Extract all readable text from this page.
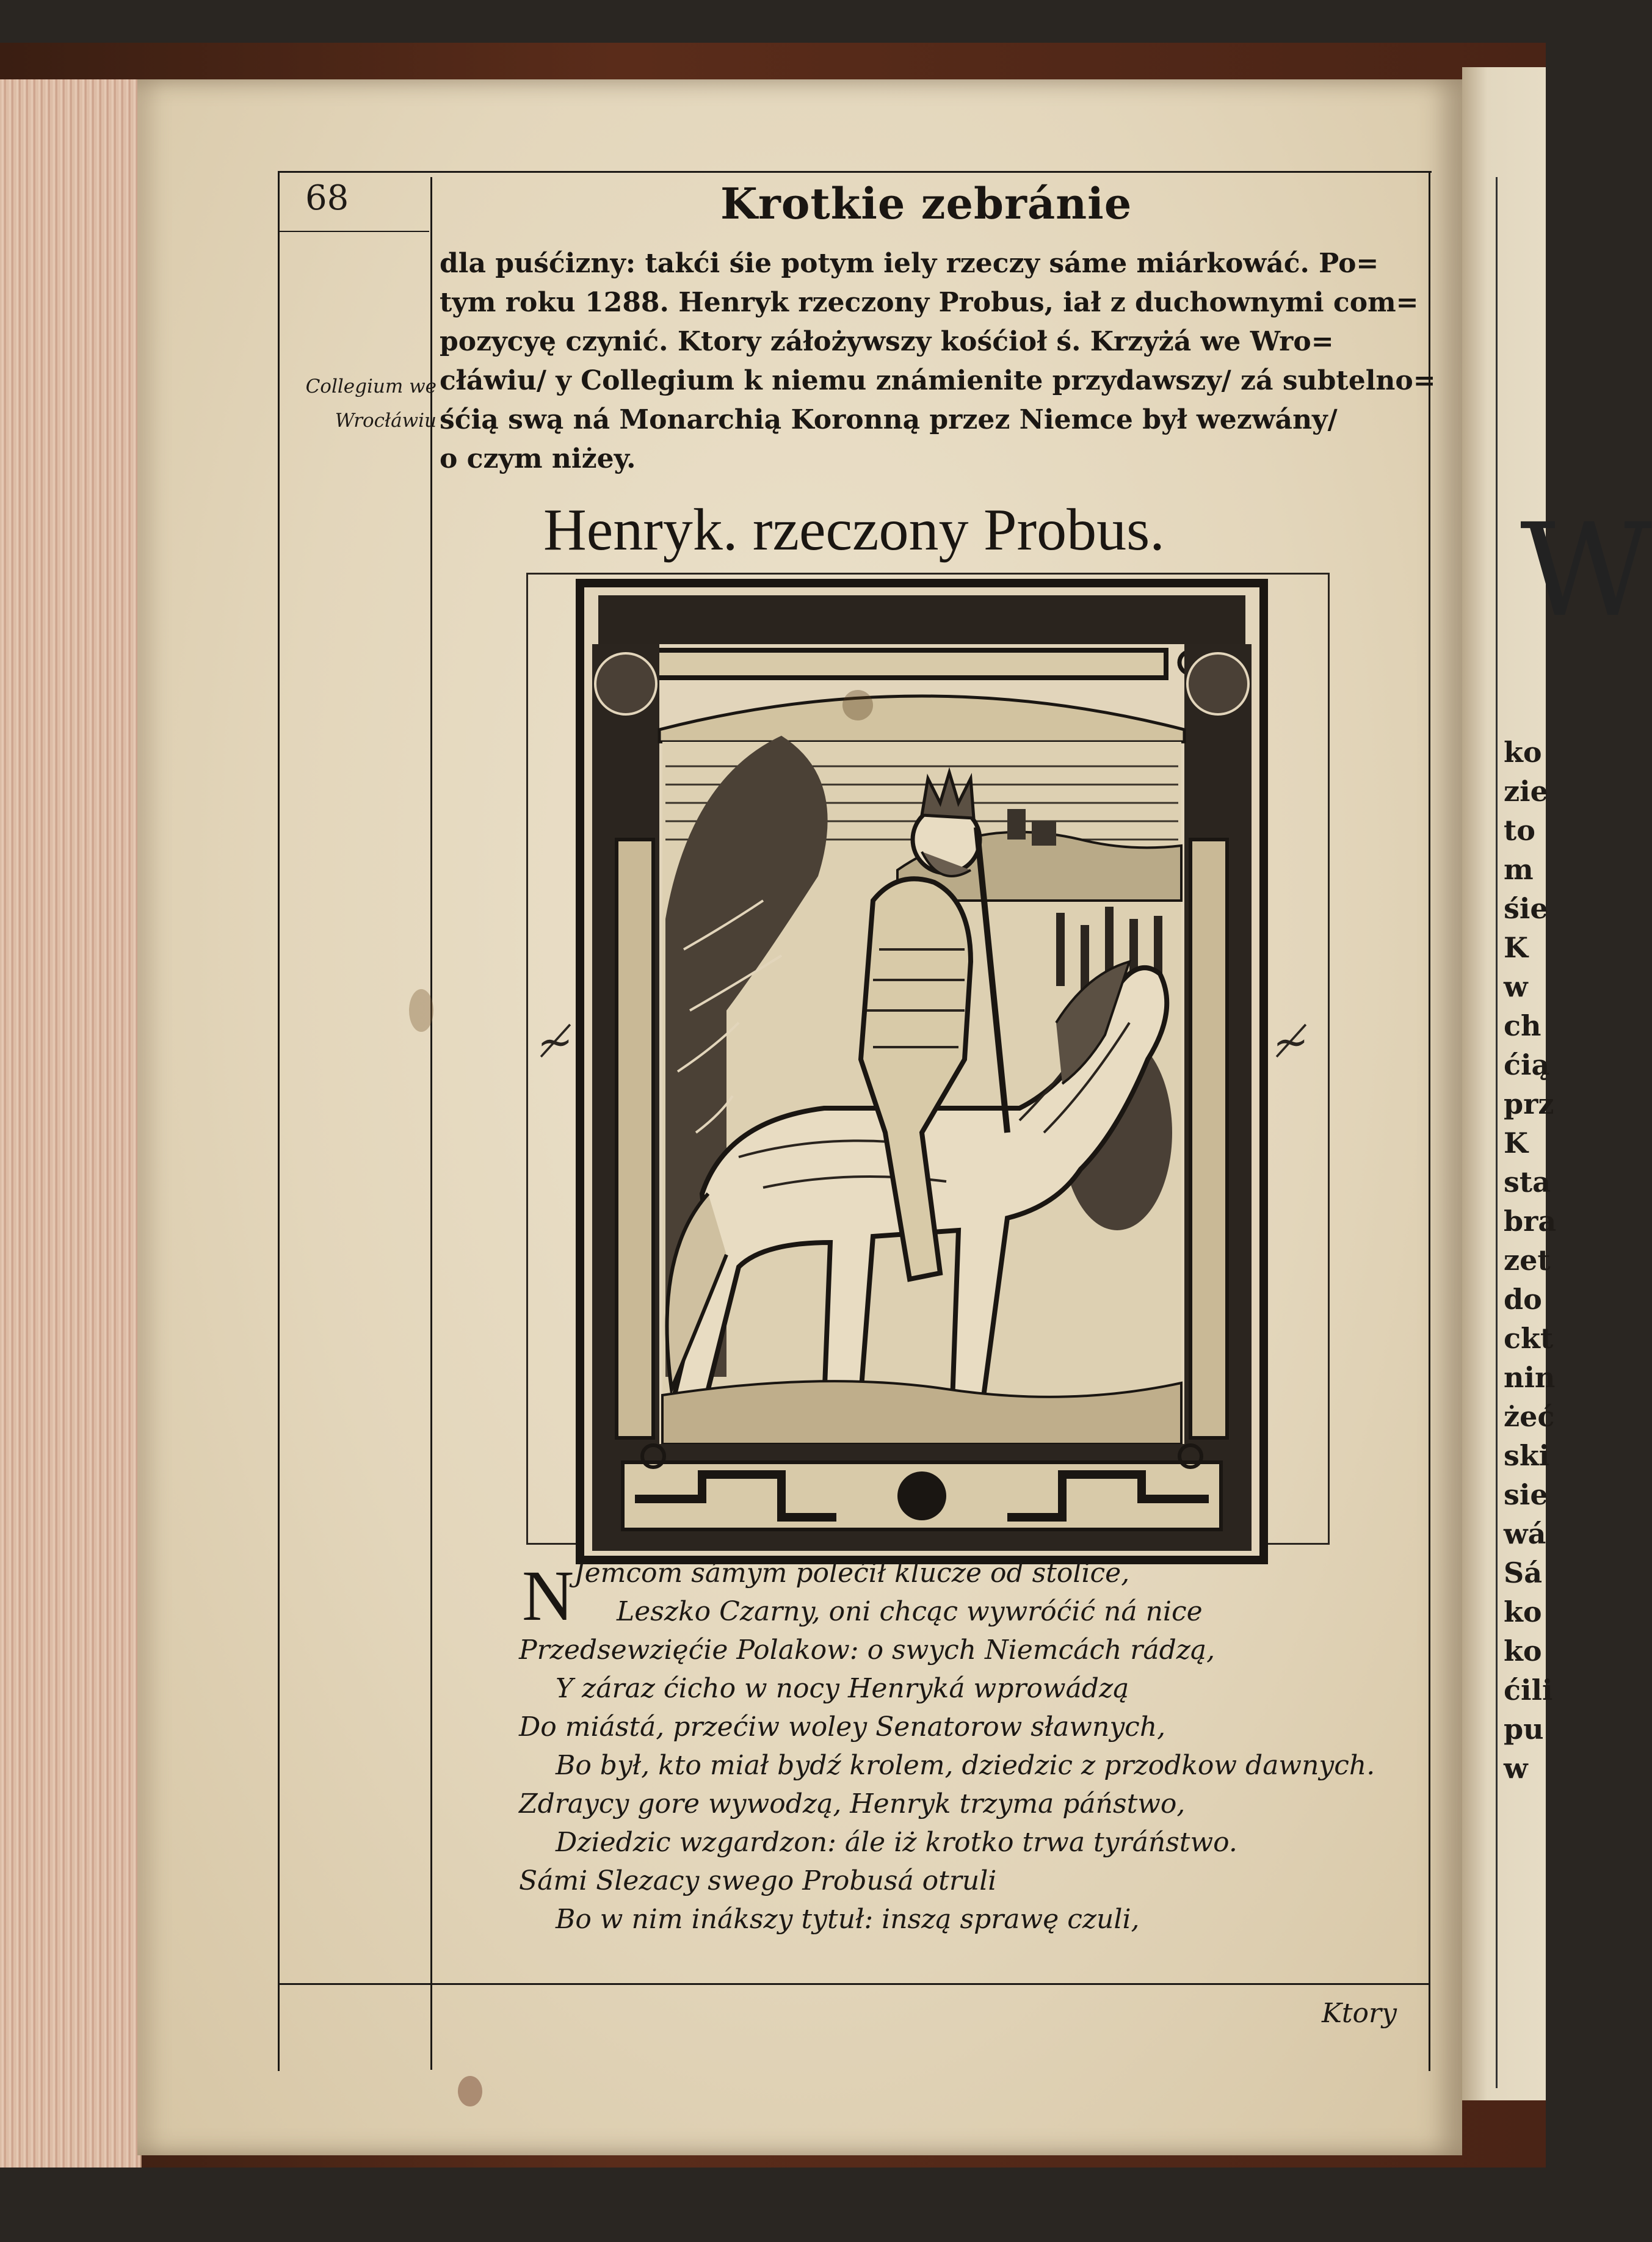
W
ko
zie
to
m
śie
K
w
ch
ćią
prz
K
sta
bra
zet
do
ckt
nin
żeć
ski
sie
wá
Sá
ko
ko
ćili
pu
w
68	Krotkie zebránie
dla puśćizny: takći śie potym iely rzeczy sáme miárkowáć. Po=
tym roku 1288. Henryk rzeczony Probus, iał z duchownymi com=
pozycyę czynić. Ktory záłożywszy kośćioł ś. Krzyżá we Wro=
cłáwiu/ y Collegium k niemu známienite przydawszy/ zá subtelno=
śćią swą ná Monarchią Koronną przez Niemce był wezwány/
o czym niżey.
Collegium we
Wrocłáwiu
Henryk. rzeczony Probus.
≁	≁
N Jemcom sámym polećił klucze od stolice,
Leszko Czarny, oni chcąc wywróćić ná nice
Przedsewzięćie Polakow: o swych Niemcách rádzą,
Y záraz ćicho w nocy Henryká wprowádzą
Do miástá, przećiw woley Senatorow sławnych,
Bo był, kto miał bydź krolem, dziedzic z przodkow dawnych.
Zdraycy gore wywodzą, Henryk trzyma páństwo,
Dziedzic wzgardzon: ále iż krotko trwa tyráństwo.
Sámi Slezacy swego Probusá otruli
Bo w nim inákszy tytuł: inszą sprawę czuli,
Ktory
